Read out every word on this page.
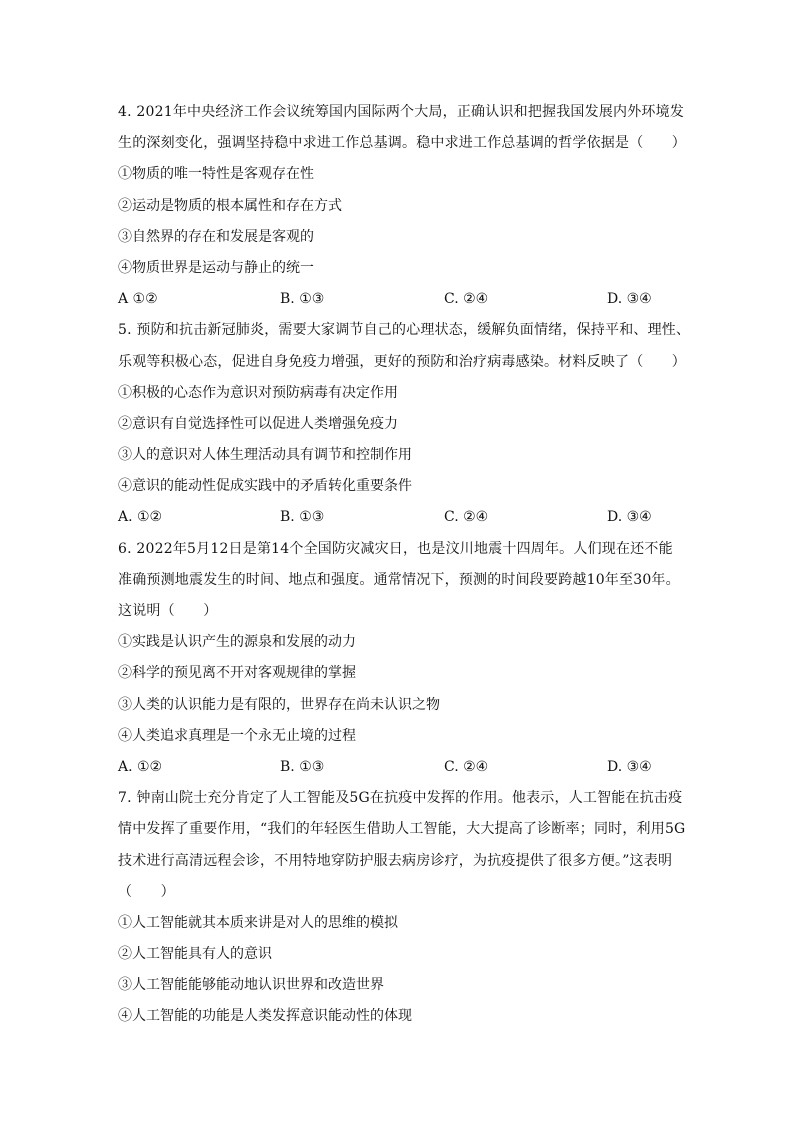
4. 2021年中央经济工作会议统筹国内国际两个大局，正确认识和把握我国发展内外环境发
生的深刻变化，强调坚持稳中求进工作总基调。稳中求进工作总基调的哲学依据是（　　）
①物质的唯一特性是客观存在性
②运动是物质的根本属性和存在方式
③自然界的存在和发展是客观的
④物质世界是运动与静止的统一
A ①②	B. ①③	C. ②④	D. ③④
5. 预防和抗击新冠肺炎，需要大家调节自己的心理状态，缓解负面情绪，保持平和、理性、
乐观等积极心态，促进自身免疫力增强，更好的预防和治疗病毒感染。材料反映了（　　）
①积极的心态作为意识对预防病毒有决定作用
②意识有自觉选择性可以促进人类增强免疫力
③人的意识对人体生理活动具有调节和控制作用
④意识的能动性促成实践中的矛盾转化重要条件
A. ①②	B. ①③	C. ②④	D. ③④
6. 2022年5月12日是第14个全国防灾减灾日，也是汶川地震十四周年。人们现在还不能
准确预测地震发生的时间、地点和强度。通常情况下，预测的时间段要跨越10年至30年。
这说明（　　）
①实践是认识产生的源泉和发展的动力
②科学的预见离不开对客观规律的掌握
③人类的认识能力是有限的，世界存在尚未认识之物
④人类追求真理是一个永无止境的过程
A. ①②	B. ①③	C. ②④	D. ③④
7. 钟南山院士充分肯定了人工智能及5G在抗疫中发挥的作用。他表示，人工智能在抗击疫
情中发挥了重要作用，“我们的年轻医生借助人工智能，大大提高了诊断率；同时，利用5G
技术进行高清远程会诊，不用特地穿防护服去病房诊疗，为抗疫提供了很多方便。”这表明
（　　）
①人工智能就其本质来讲是对人的思维的模拟
②人工智能具有人的意识
③人工智能能够能动地认识世界和改造世界
④人工智能的功能是人类发挥意识能动性的体现
